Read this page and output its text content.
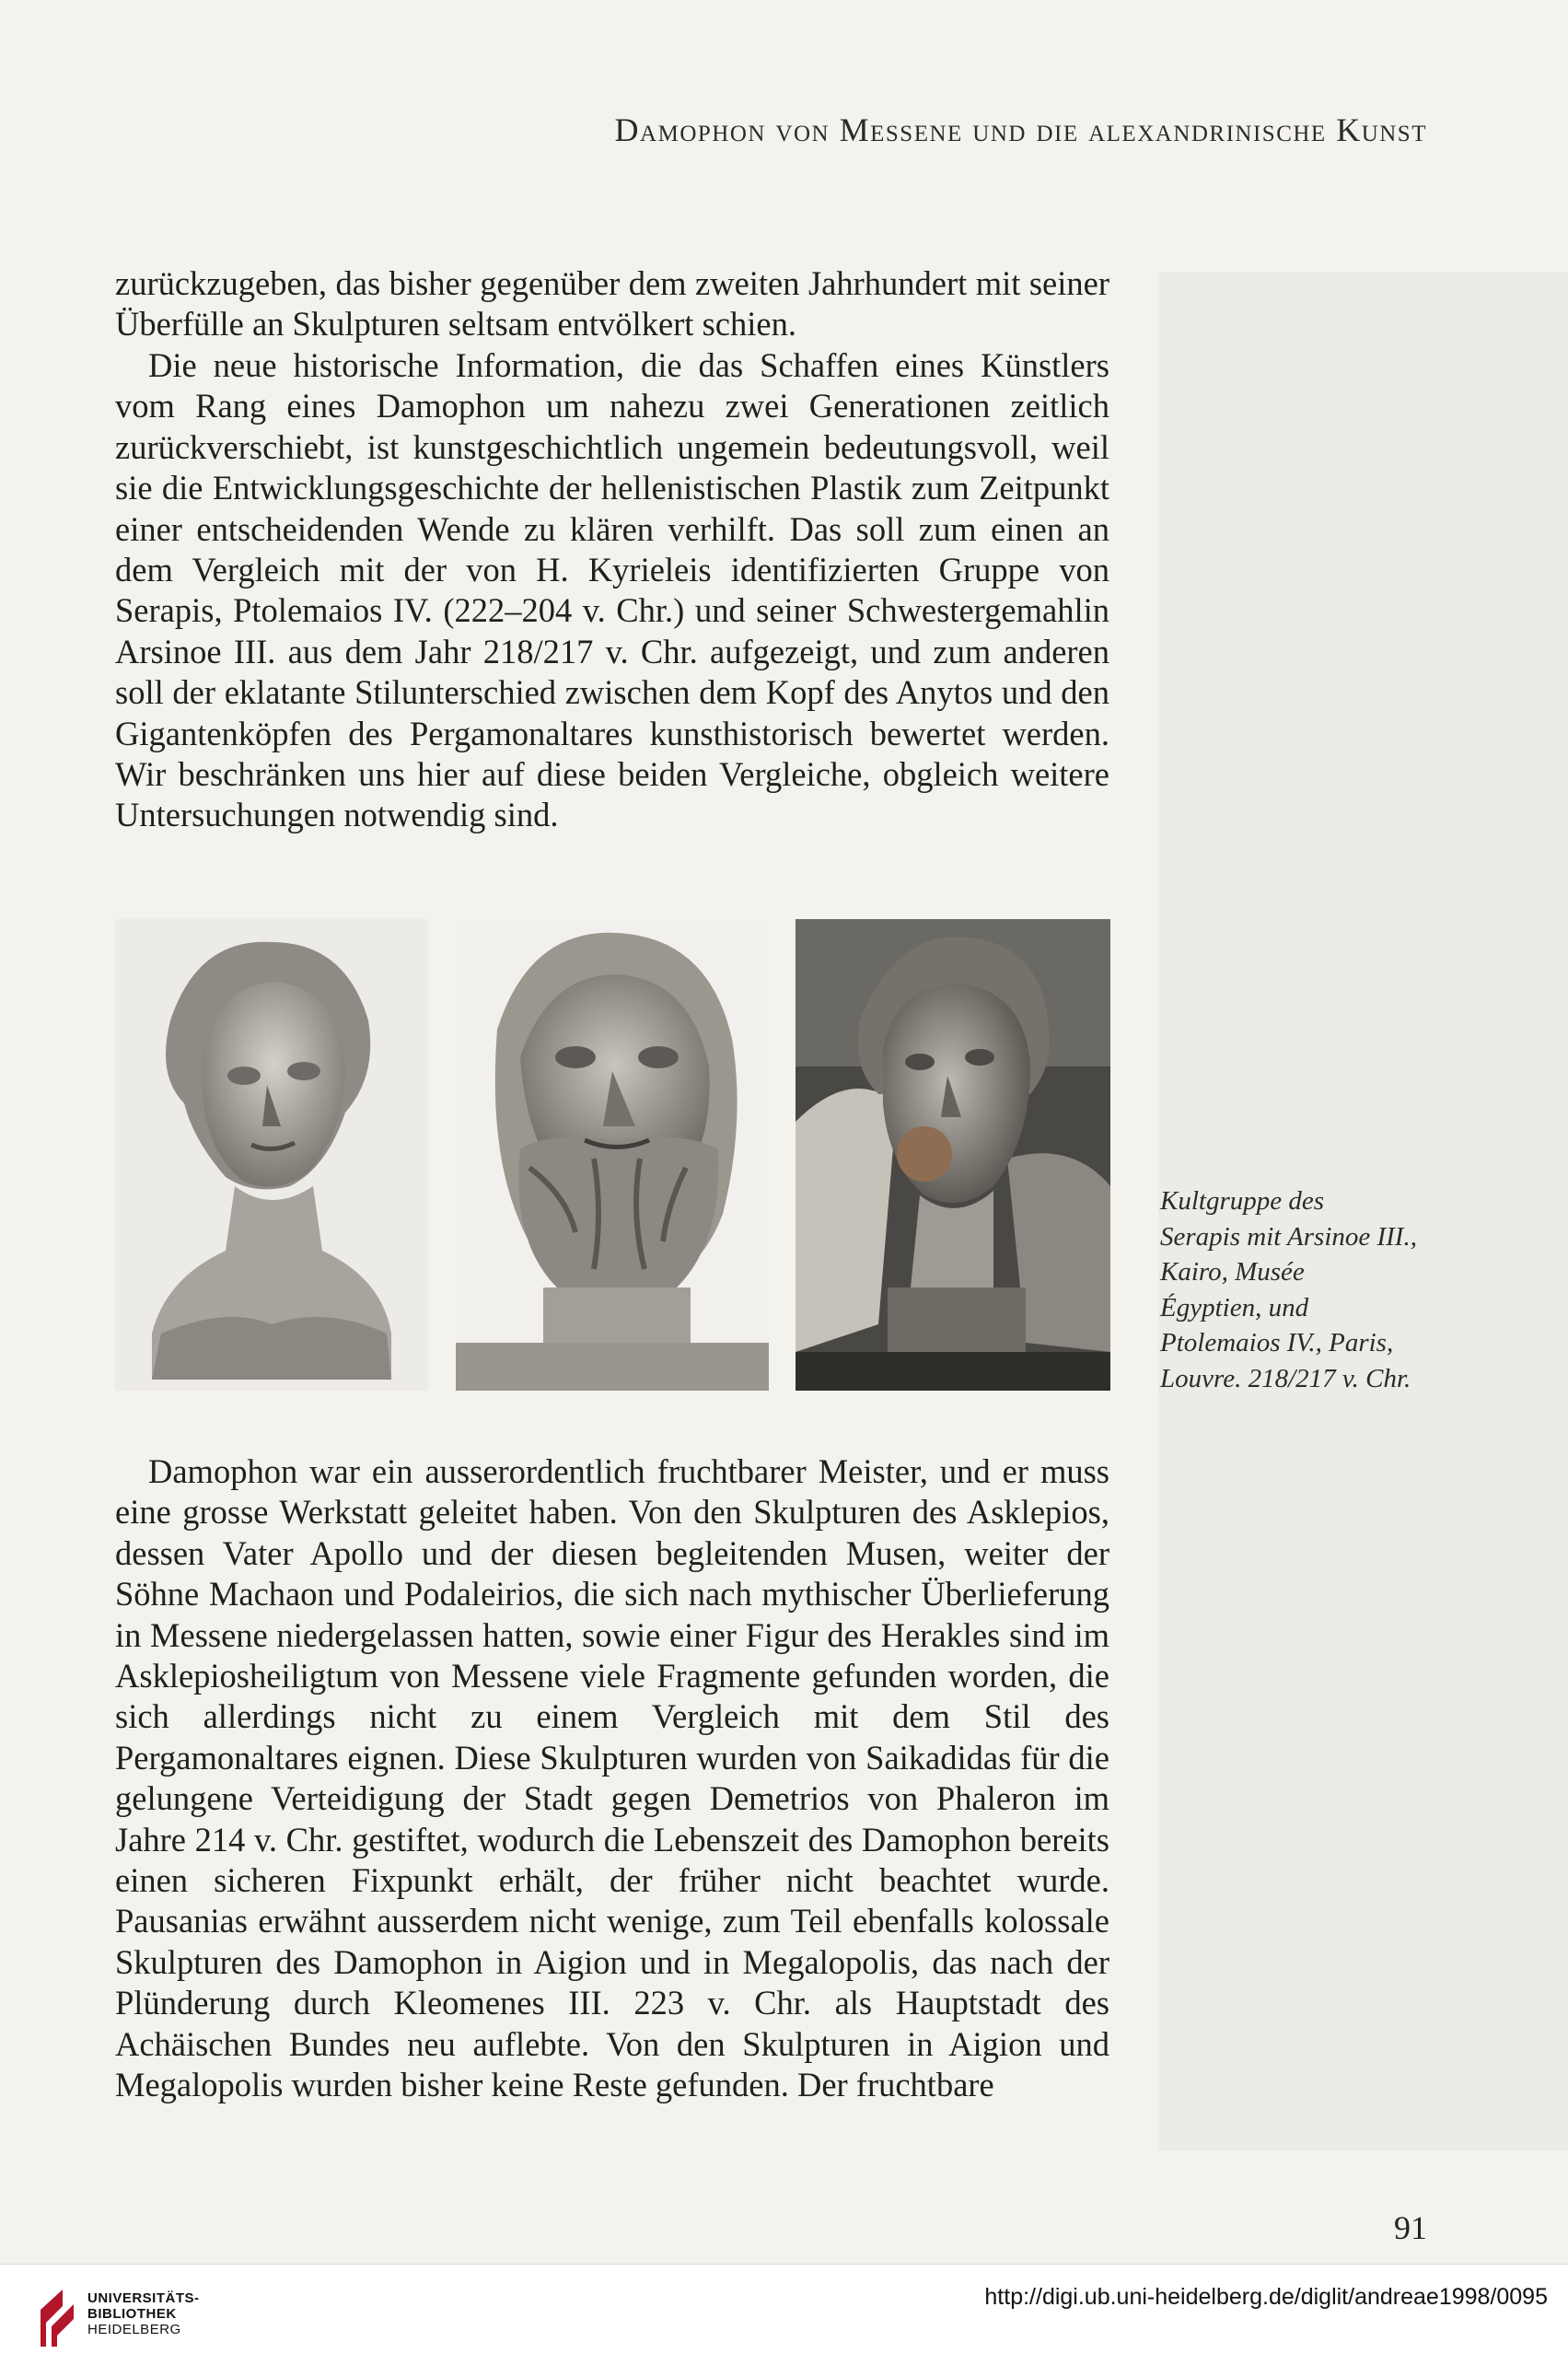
Damophon von Messene und die alexandrinische Kunst

zurückzugeben, das bisher gegenüber dem zweiten Jahrhundert mit seiner Überfülle an Skulpturen seltsam entvölkert schien.

Die neue historische Information, die das Schaffen eines Künstlers vom Rang eines Damophon um nahezu zwei Generationen zeitlich zurückverschiebt, ist kunstgeschichtlich ungemein bedeutungsvoll, weil sie die Entwicklungsgeschichte der hellenistischen Plastik zum Zeitpunkt einer entscheidenden Wende zu klären verhilft. Das soll zum einen an dem Vergleich mit der von H. Kyrieleis identifizierten Gruppe von Serapis, Ptolemaios IV. (222–204 v. Chr.) und seiner Schwestergemahlin Arsinoe III. aus dem Jahr 218/217 v. Chr. aufgezeigt, und zum anderen soll der eklatante Stilunterschied zwischen dem Kopf des Anytos und den Gigantenköpfen des Pergamonaltares kunsthistorisch bewertet werden. Wir beschränken uns hier auf diese beiden Vergleiche, obgleich weitere Untersuchungen notwendig sind.

Kultgruppe des
Serapis mit Arsinoe III.,
Kairo, Musée
Égyptien, und
Ptolemaios IV., Paris,
Louvre. 218/217 v. Chr.

Damophon war ein ausserordentlich fruchtbarer Meister, und er muss eine grosse Werkstatt geleitet haben. Von den Skulpturen des Asklepios, dessen Vater Apollo und der diesen begleitenden Musen, weiter der Söhne Machaon und Podaleirios, die sich nach mythischer Überlieferung in Messene niedergelassen hatten, sowie einer Figur des Herakles sind im Asklepiosheiligtum von Messene viele Fragmente gefunden worden, die sich allerdings nicht zu einem Vergleich mit dem Stil des Pergamonaltares eignen. Diese Skulpturen wurden von Saikadidas für die gelungene Verteidigung der Stadt gegen Demetrios von Phaleron im Jahre 214 v. Chr. gestiftet, wodurch die Lebenszeit des Damophon bereits einen sicheren Fixpunkt erhält, der früher nicht beachtet wurde. Pausanias erwähnt ausserdem nicht wenige, zum Teil ebenfalls kolossale Skulpturen des Damophon in Aigion und in Megalopolis, das nach der Plünderung durch Kleomenes III. 223 v. Chr. als Hauptstadt des Achäischen Bundes neu auflebte. Von den Skulpturen in Aigion und Megalopolis wurden bisher keine Reste gefunden. Der fruchtbare

91
UNIVERSITÄTS-
BIBLIOTHEK
HEIDELBERG
http://digi.ub.uni-heidelberg.de/diglit/andreae1998/0095
